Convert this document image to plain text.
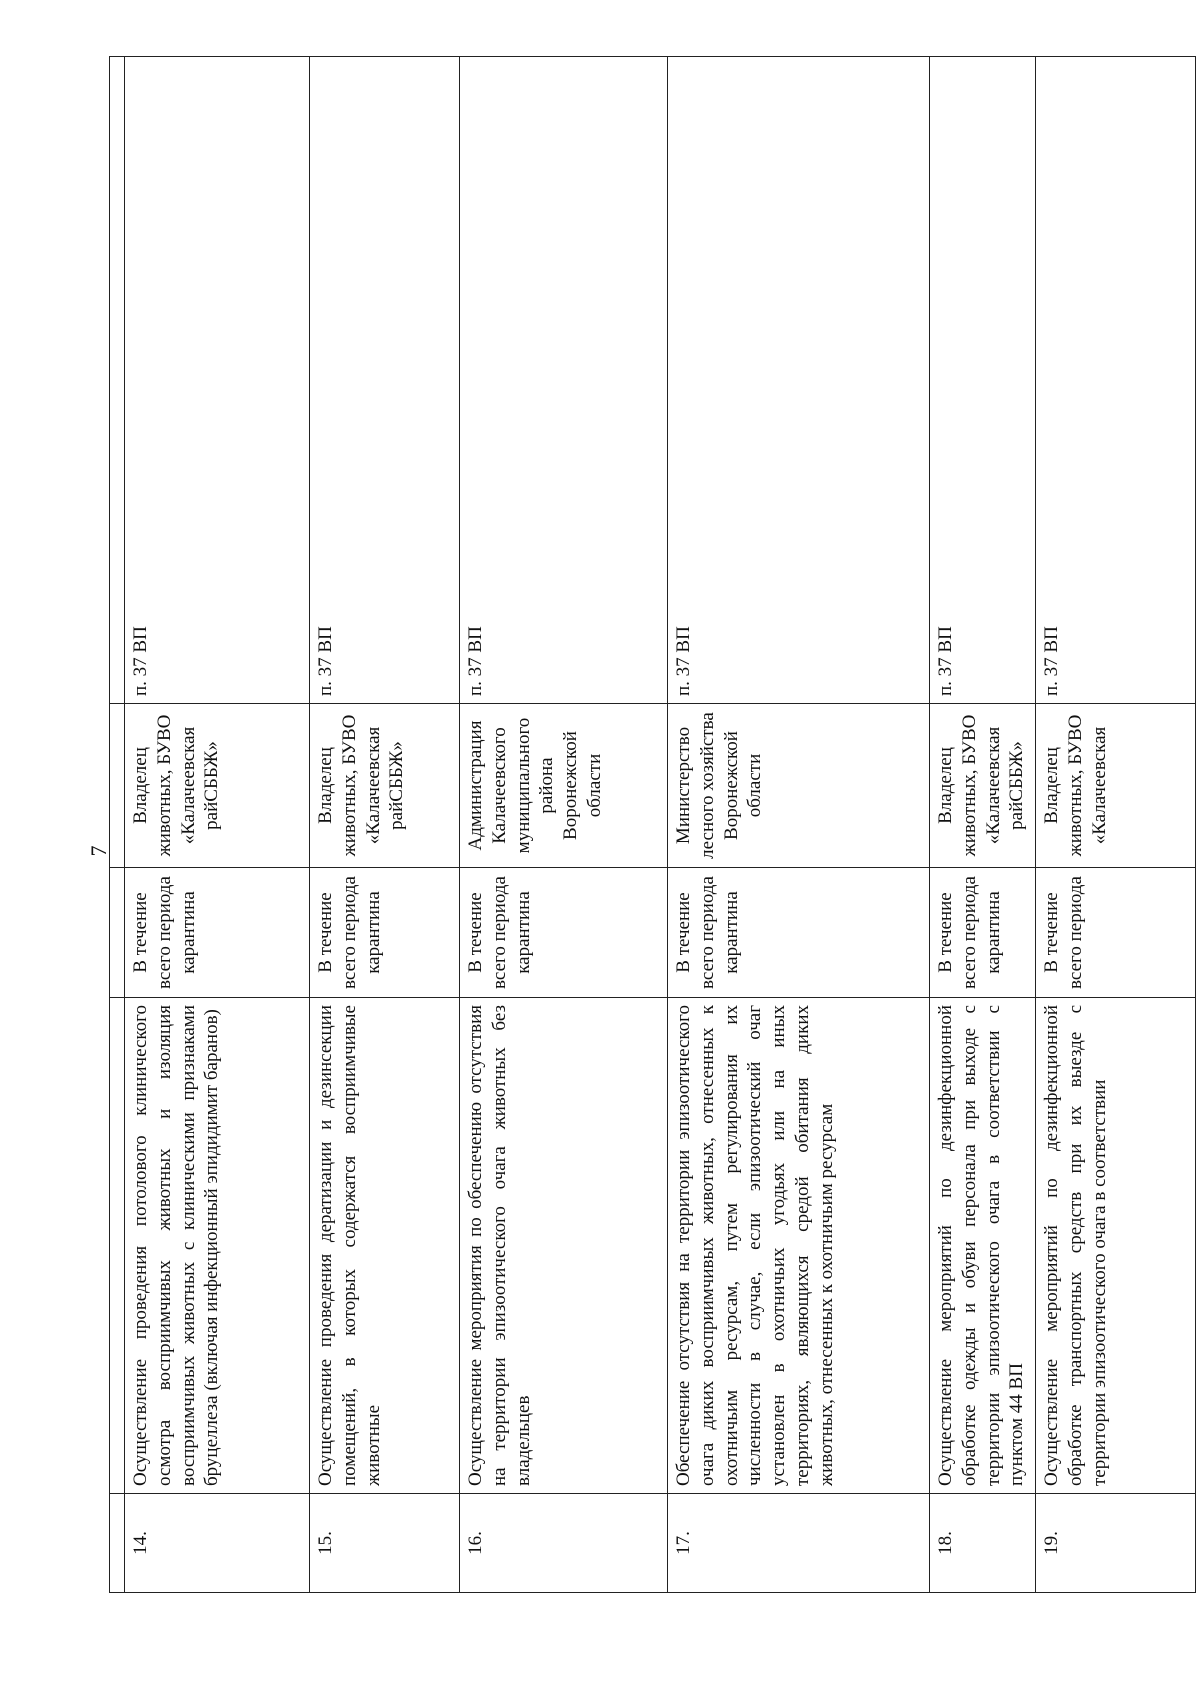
7

14.	Осуществление проведения потолового клинического осмотра восприимчивых животных и изоляция восприимчивых животных с клиническими признаками бруцеллеза (включая инфекционный эпидидимит баранов)	В течение всего периода карантина	Владелец животных, БУВО «Калачеевская райСББЖ»	п. 37 ВП
15.	Осуществление проведения дератизации и дезинсекции помещений, в которых содержатся восприимчивые животные	В течение всего периода карантина	Владелец животных, БУВО «Калачеевская райСББЖ»	п. 37 ВП
16.	Осуществление мероприятия по обеспечению отсутствия на территории эпизоотического очага животных без владельцев	В течение всего периода карантина	Администрация Калачеевского муниципального района Воронежской области	п. 37 ВП
17.	Обеспечение отсутствия на территории эпизоотического очага диких восприимчивых животных, отнесенных к охотничьим ресурсам, путем регулирования их численности в случае, если эпизоотический очаг установлен в охотничьих угодьях или на иных территориях, являющихся средой обитания диких животных, отнесенных к охотничьим ресурсам	В течение всего периода карантина	Министерство лесного хозяйства Воронежской области	п. 37 ВП
18.	Осуществление мероприятий по дезинфекционной обработке одежды и обуви персонала при выходе с территории эпизоотического очага в соответствии с пунктом 44 ВП	В течение всего периода карантина	Владелец животных, БУВО «Калачеевская райСББЖ»	п. 37 ВП
19.	Осуществление мероприятий по дезинфекционной обработке транспортных средств при их выезде с территории эпизоотического очага в соответствии	В течение всего периода	Владелец животных, БУВО «Калачеевская	п. 37 ВП
